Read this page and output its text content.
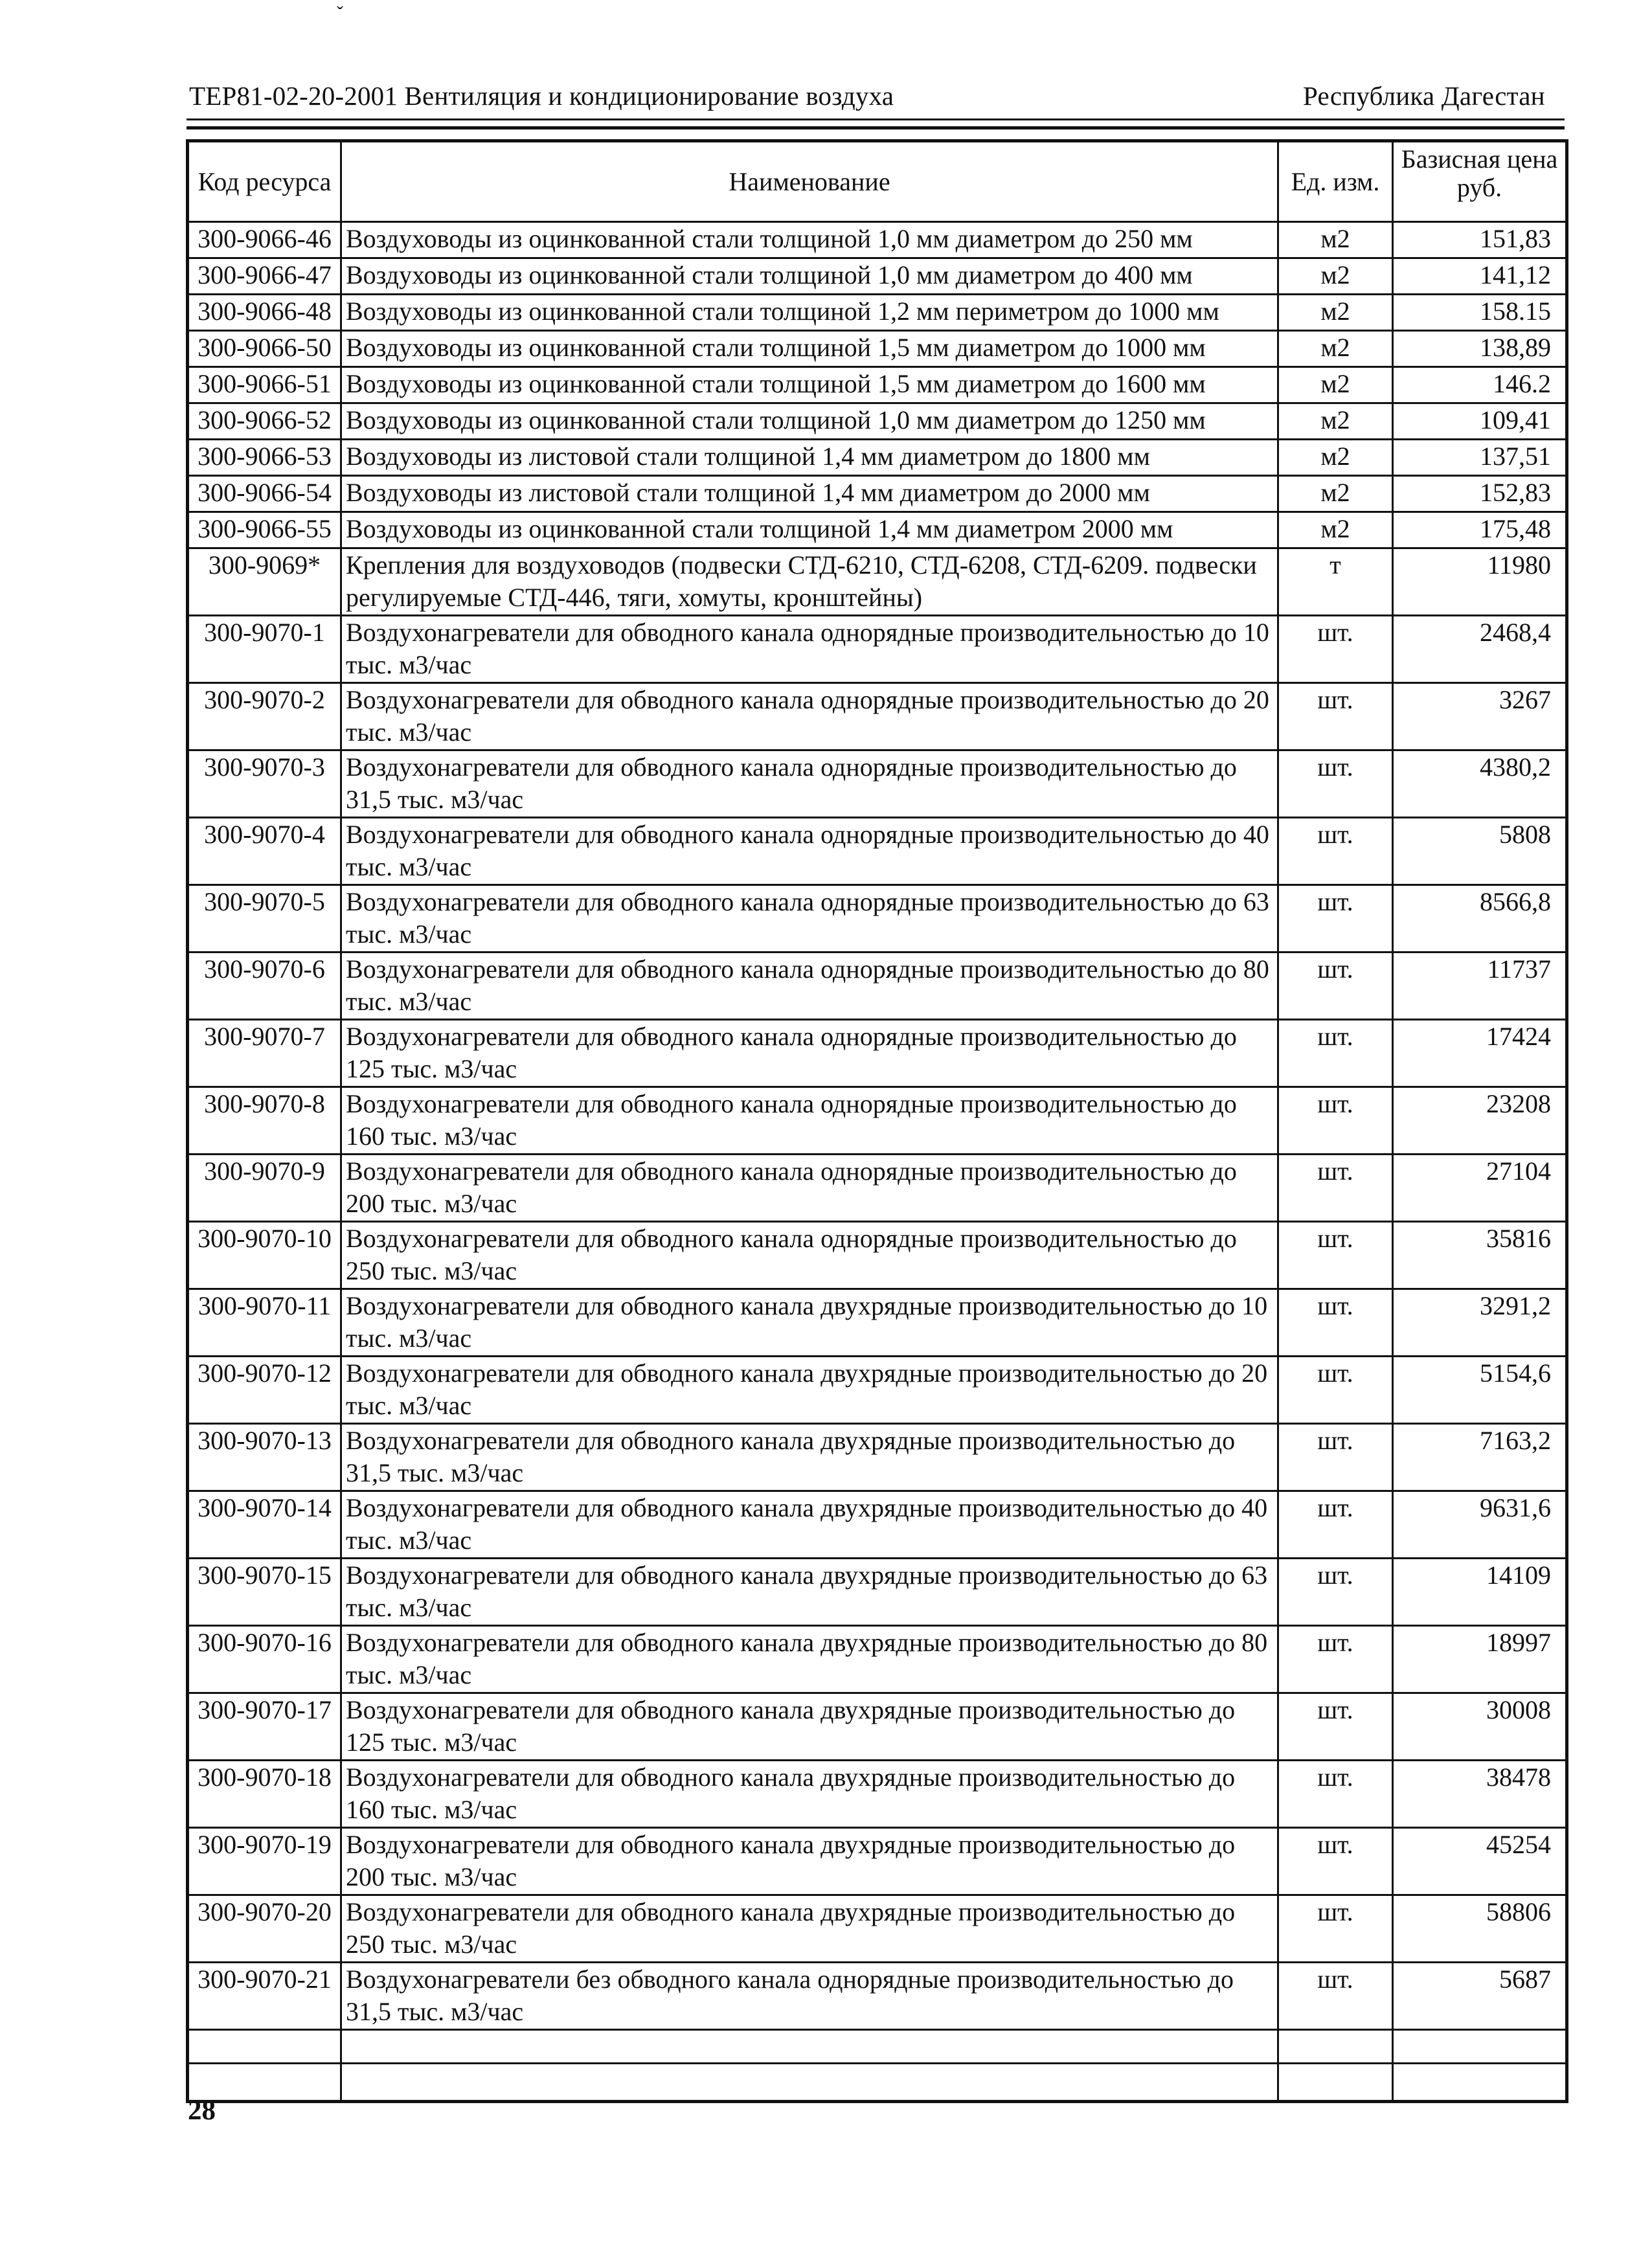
ˇ
ТЕР81-02-20-2001 Вентиляция и кондиционирование воздуха	Республика Дагестан
Код ресурса	Наименование	Ед. изм.	Базисная цена руб.
300-9066-46	Воздуховоды из оцинкованной стали толщиной 1,0 мм диаметром до 250 мм	м2	151,83
300-9066-47	Воздуховоды из оцинкованной стали толщиной 1,0 мм диаметром до 400 мм	м2	141,12
300-9066-48	Воздуховоды из оцинкованной стали толщиной 1,2 мм периметром до 1000 мм	м2	158.15
300-9066-50	Воздуховоды из оцинкованной стали толщиной 1,5 мм диаметром до 1000 мм	м2	138,89
300-9066-51	Воздуховоды из оцинкованной стали толщиной 1,5 мм диаметром до 1600 мм	м2	146.2
300-9066-52	Воздуховоды из оцинкованной стали толщиной 1,0 мм диаметром до 1250 мм	м2	109,41
300-9066-53	Воздуховоды из листовой стали толщиной 1,4 мм диаметром до 1800 мм	м2	137,51
300-9066-54	Воздуховоды из листовой стали толщиной 1,4 мм диаметром до 2000 мм	м2	152,83
300-9066-55	Воздуховоды из оцинкованной стали толщиной 1,4 мм диаметром 2000 мм	м2	175,48
300-9069*	Крепления для воздуховодов (подвески СТД-6210, СТД-6208, СТД-6209. подвески регулируемые СТД-446, тяги, хомуты, кронштейны)	т	11980
300-9070-1	Воздухонагреватели для обводного канала однорядные производительностью до 10 тыс. м3/час	шт.	2468,4
300-9070-2	Воздухонагреватели для обводного канала однорядные производительностью до 20 тыс. м3/час	шт.	3267
300-9070-3	Воздухонагреватели для обводного канала однорядные производительностью до 31,5 тыс. м3/час	шт.	4380,2
300-9070-4	Воздухонагреватели для обводного канала однорядные производительностью до 40 тыс. м3/час	шт.	5808
300-9070-5	Воздухонагреватели для обводного канала однорядные производительностью до 63 тыс. м3/час	шт.	8566,8
300-9070-6	Воздухонагреватели для обводного канала однорядные производительностью до 80 тыс. м3/час	шт.	11737
300-9070-7	Воздухонагреватели для обводного канала однорядные производительностью до 125 тыс. м3/час	шт.	17424
300-9070-8	Воздухонагреватели для обводного канала однорядные производительностью до 160 тыс. м3/час	шт.	23208
300-9070-9	Воздухонагреватели для обводного канала однорядные производительностью до 200 тыс. м3/час	шт.	27104
300-9070-10	Воздухонагреватели для обводного канала однорядные производительностью до 250 тыс. м3/час	шт.	35816
300-9070-11	Воздухонагреватели для обводного канала двухрядные производительностью до 10 тыс. м3/час	шт.	3291,2
300-9070-12	Воздухонагреватели для обводного канала двухрядные производительностью до 20 тыс. м3/час	шт.	5154,6
300-9070-13	Воздухонагреватели для обводного канала двухрядные производительностью до 31,5 тыс. м3/час	шт.	7163,2
300-9070-14	Воздухонагреватели для обводного канала двухрядные производительностью до 40 тыс. м3/час	шт.	9631,6
300-9070-15	Воздухонагреватели для обводного канала двухрядные производительностью до 63 тыс. м3/час	шт.	14109
300-9070-16	Воздухонагреватели для обводного канала двухрядные производительностью до 80 тыс. м3/час	шт.	18997
300-9070-17	Воздухонагреватели для обводного канала двухрядные производительностью до 125 тыс. м3/час	шт.	30008
300-9070-18	Воздухонагреватели для обводного канала двухрядные производительностью до 160 тыс. м3/час	шт.	38478
300-9070-19	Воздухонагреватели для обводного канала двухрядные производительностью до 200 тыс. м3/час	шт.	45254
300-9070-20	Воздухонагреватели для обводного канала двухрядные производительностью до 250 тыс. м3/час	шт.	58806
300-9070-21	Воздухонагреватели без обводного канала однорядные производительностью до 31,5 тыс. м3/час	шт.	5687

28
